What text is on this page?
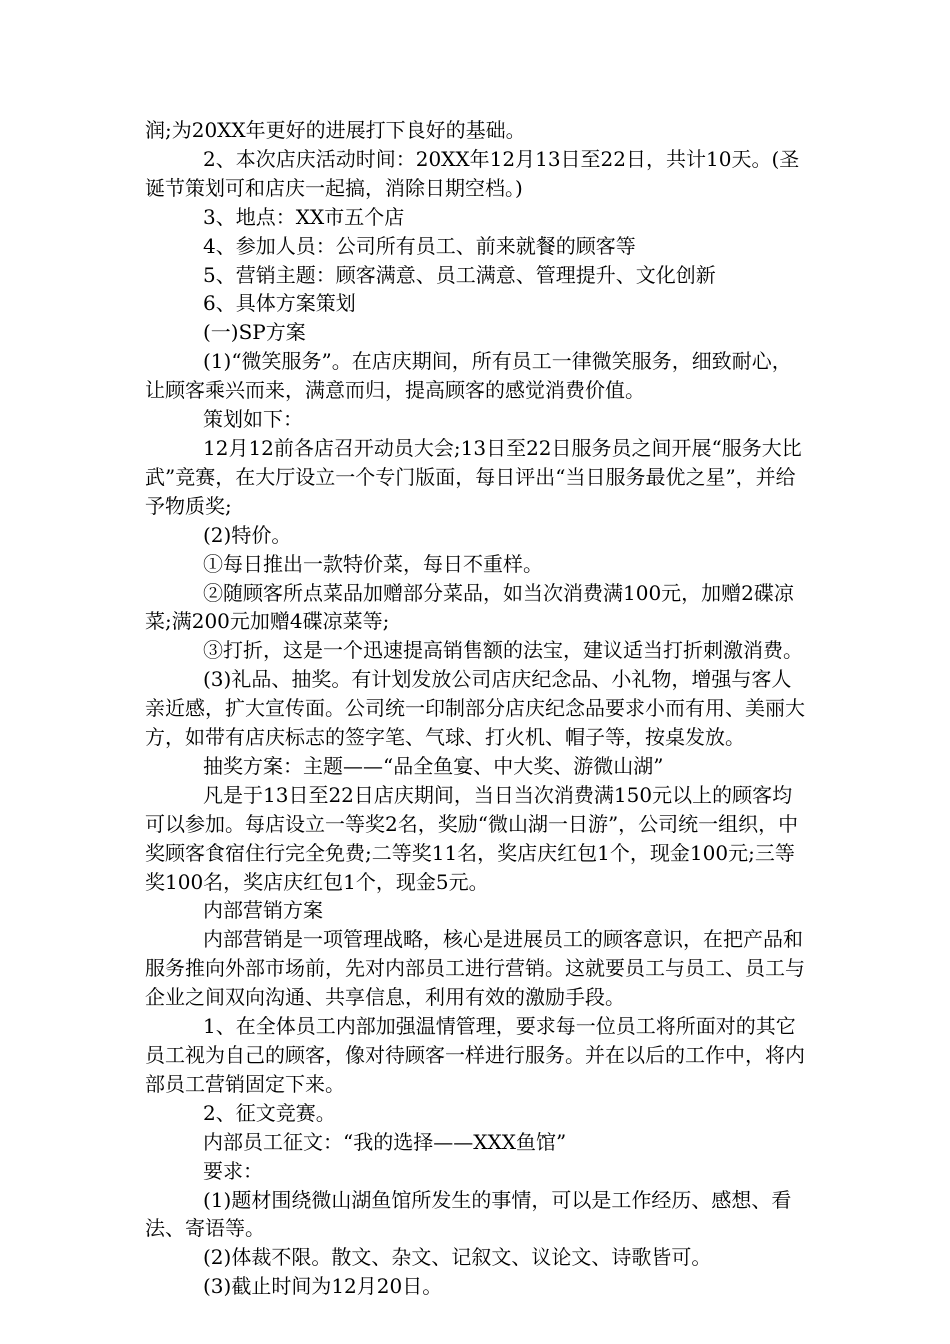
润;为20XX年更好的进展打下良好的基础。

2、本次店庆活动时间：20XX年12月13日至22日，共计10天。(圣诞节策划可和店庆一起搞，消除日期空档。)

3、地点：XX市五个店

4、参加人员：公司所有员工、前来就餐的顾客等

5、营销主题：顾客满意、员工满意、管理提升、文化创新

6、具体方案策划

(一)SP方案

(1)“微笑服务”。在店庆期间，所有员工一律微笑服务，细致耐心，让顾客乘兴而来，满意而归，提高顾客的感觉消费价值。

策划如下：

12月12前各店召开动员大会;13日至22日服务员之间开展“服务大比武”竞赛，在大厅设立一个专门版面，每日评出“当日服务最优之星”，并给予物质奖;

(2)特价。

①每日推出一款特价菜，每日不重样。

②随顾客所点菜品加赠部分菜品，如当次消费满100元，加赠2碟凉菜;满200元加赠4碟凉菜等;

③打折，这是一个迅速提高销售额的法宝，建议适当打折刺激消费。

(3)礼品、抽奖。有计划发放公司店庆纪念品、小礼物，增强与客人亲近感，扩大宣传面。公司统一印制部分店庆纪念品要求小而有用、美丽大方，如带有店庆标志的签字笔、气球、打火机、帽子等，按桌发放。

抽奖方案：主题——“品全鱼宴、中大奖、游微山湖”

凡是于13日至22日店庆期间，当日当次消费满150元以上的顾客均可以参加。每店设立一等奖2名，奖励“微山湖一日游”，公司统一组织，中奖顾客食宿住行完全免费;二等奖11名，奖店庆红包1个，现金100元;三等奖100名，奖店庆红包1个，现金5元。

内部营销方案

内部营销是一项管理战略，核心是进展员工的顾客意识，在把产品和服务推向外部市场前，先对内部员工进行营销。这就要员工与员工、员工与企业之间双向沟通、共享信息，利用有效的激励手段。

1、在全体员工内部加强温情管理，要求每一位员工将所面对的其它员工视为自己的顾客，像对待顾客一样进行服务。并在以后的工作中，将内部员工营销固定下来。

2、征文竞赛。

内部员工征文：“我的选择——XXX鱼馆”

要求：

(1)题材围绕微山湖鱼馆所发生的事情，可以是工作经历、感想、看法、寄语等。

(2)体裁不限。散文、杂文、记叙文、议论文、诗歌皆可。

(3)截止时间为12月20日。
